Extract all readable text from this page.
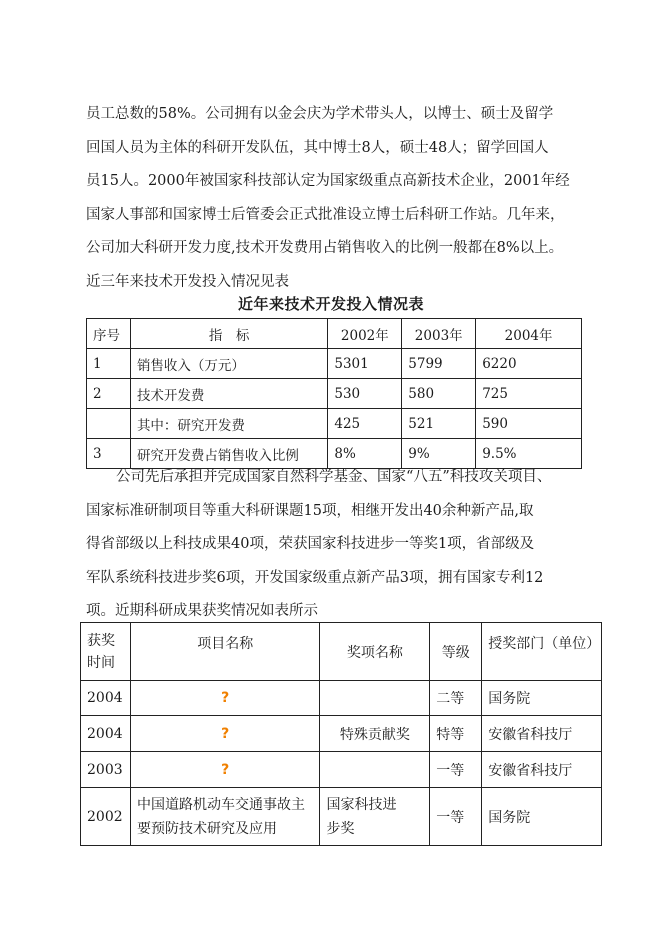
员工总数的58%。公司拥有以金会庆为学术带头人，以博士、硕士及留学
回国人员为主体的科研开发队伍，其中博士8人，硕士48人；留学回国人
员15人。2000年被国家科技部认定为国家级重点高新技术企业，2001年经
国家人事部和国家博士后管委会正式批准设立博士后科研工作站。几年来，
公司加大科研开发力度,技术开发费用占销售收入的比例一般都在8%以上。
近三年来技术开发投入情况见表
近年来技术开发投入情况表
序号	指　标	2002年	2003年	2004年
1	销售收入（万元）	5301	5799	6220
2	技术开发费	530	580	725
	其中：研究开发费	425	521	590
3	研究开发费占销售收入比例	8%	9%	9.5%
公司先后承担并完成国家自然科学基金、国家“八五”科技攻关项目、
国家标准研制项目等重大科研课题15项，相继开发出40余种新产品,取
得省部级以上科技成果40项，荣获国家科技进步一等奖1项，省部级及
军队系统科技进步奖6项，开发国家级重点新产品3项，拥有国家专利12
项。近期科研成果获奖情况如表所示
获奖时间	项目名称	奖项名称	等级	授奖部门（单位）
2004	?		二等	国务院
2004	?	特殊贡献奖	特等	安徽省科技厅
2003	?		一等	安徽省科技厅
2002	中国道路机动车交通事故主要预防技术研究及应用	国家科技进步奖	一等	国务院
